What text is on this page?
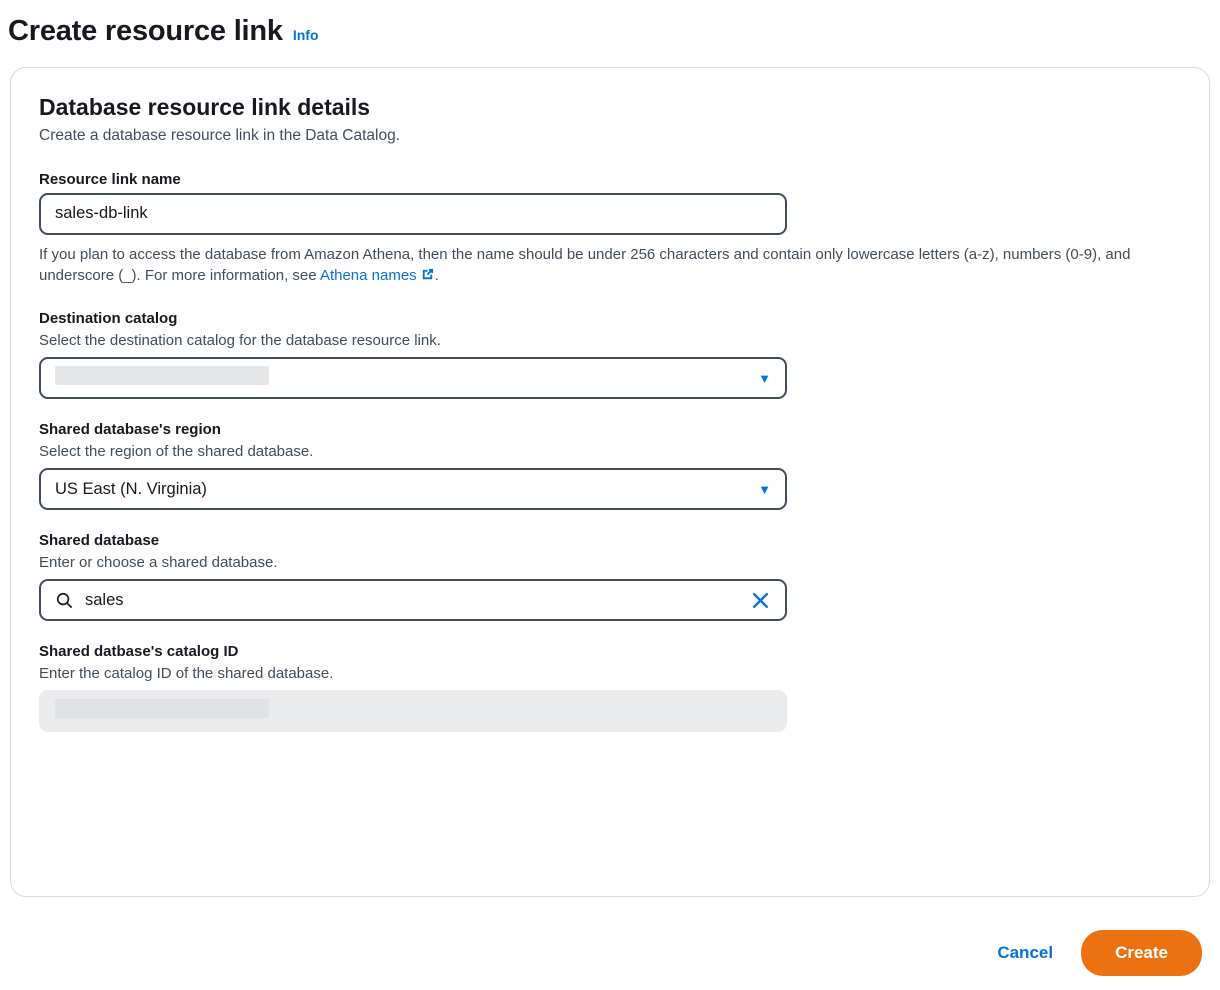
Create resource link Info
Database resource link details
Create a database resource link in the Data Catalog.
Resource link name
sales-db-link
If you plan to access the database from Amazon Athena, then the name should be under 256 characters and contain only lowercase letters (a-z), numbers (0-9), and underscore (_). For more information, see Athena names .
Destination catalog
Select the destination catalog for the database resource link.
▼
Shared database's region
Select the region of the shared database.
US East (N. Virginia)	▼
Shared database
Enter or choose a shared database.
sales
Shared datbase's catalog ID
Enter the catalog ID of the shared database.
Cancel	Create
